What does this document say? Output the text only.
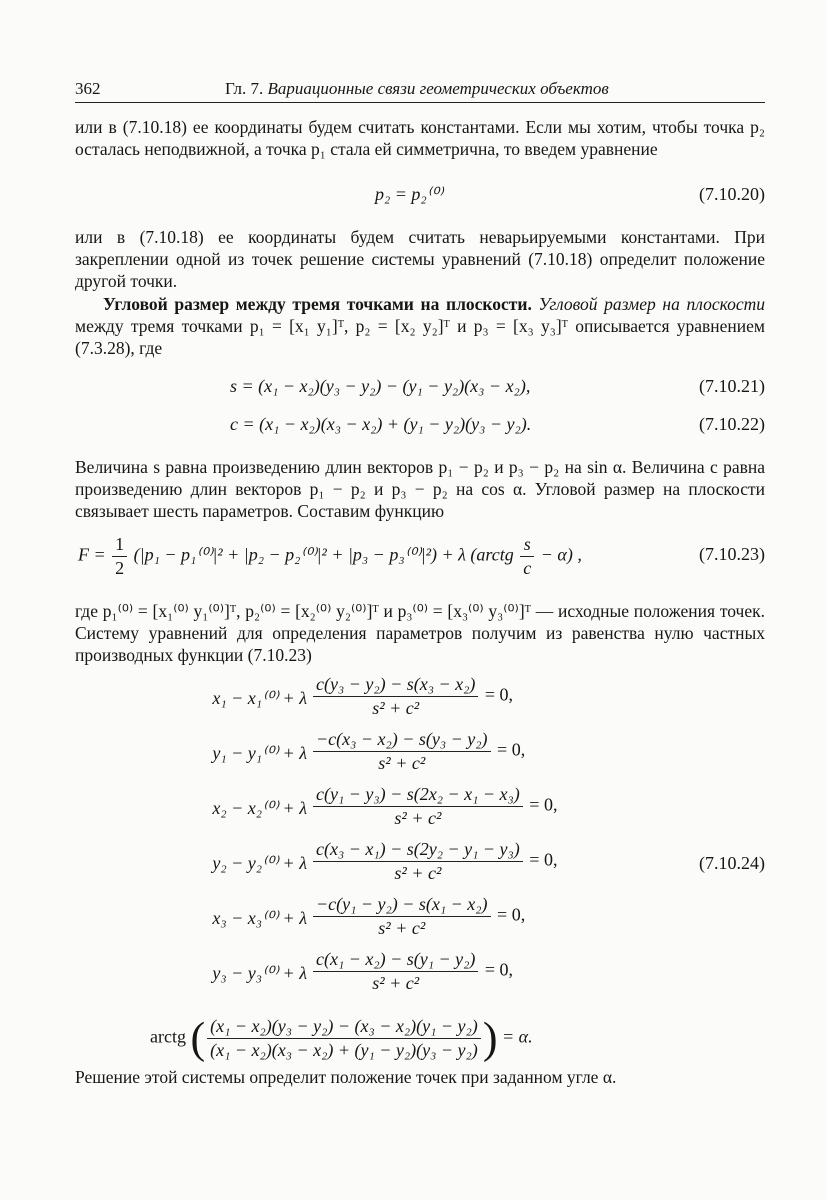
362	Гл. 7. Вариационные связи геометрических объектов
или в (7.10.18) ее координаты будем считать константами. Если мы хотим, чтобы точка p₂ осталась неподвижной, а точка p₁ стала ей симметрична, то введем уравнение
p₂ = p₂⁽⁰⁾	(7.10.20)
или в (7.10.18) ее координаты будем считать неварьируемыми константами. При закреплении одной из точек решение системы уравнений (7.10.18) определит положение другой точки.
Угловой размер между тремя точками на плоскости. Угловой размер на плоскости между тремя точками p₁ = [x₁ y₁]ᵀ, p₂ = [x₂ y₂]ᵀ и p₃ = [x₃ y₃]ᵀ описывается уравнением (7.3.28), где
s = (x₁ − x₂)(y₃ − y₂) − (y₁ − y₂)(x₃ − x₂),	(7.10.21)
c = (x₁ − x₂)(x₃ − x₂) + (y₁ − y₂)(y₃ − y₂).	(7.10.22)
Величина s равна произведению длин векторов p₁ − p₂ и p₃ − p₂ на sin α. Величина c равна произведению длин векторов p₁ − p₂ и p₃ − p₂ на cos α. Угловой размер на плоскости связывает шесть параметров. Составим функцию
$F = \frac{1}{2} (|p_1 - p_1^{(0)}|^2 + |p_2 - p_2^{(0)}|^2 + |p_3 - p_3^{(0)}|^2) + \lambda$ (arctg $\frac{s}{c} - \alpha$) ,	(7.10.23)
где p₁⁽⁰⁾ = [x₁⁽⁰⁾ y₁⁽⁰⁾]ᵀ, p₂⁽⁰⁾ = [x₂⁽⁰⁾ y₂⁽⁰⁾]ᵀ и p₃⁽⁰⁾ = [x₃⁽⁰⁾ y₃⁽⁰⁾]ᵀ — исходные положения точек. Систему уравнений для определения параметров получим из равенства нулю частных производных функции (7.10.23)
x₁ − x₁⁽⁰⁾ + λ $\frac{\text{c(y₃ − y₂) − s(x₃ − x₂)}}{\text{s² + c²}} = 0$,
y₁ − y₁⁽⁰⁾ + λ $\frac{\text{−c(x₃ − x₂) − s(y₃ − y₂)}}{\text{s² + c²}} = 0$,
x₂ − x₂⁽⁰⁾ + λ $\frac{\text{c(y₁ − y₃) − s(2x₂ − x₁ − x₃)}}{\text{s² + c²}} = 0$,
y₂ − y₂⁽⁰⁾ + λ $\frac{\text{c(x₃ − x₁) − s(2y₂ − y₁ − y₃)}}{\text{s² + c²}} = 0$,	(7.10.24)
x₃ − x₃⁽⁰⁾ + λ $\frac{\text{−c(y₁ − y₂) − s(x₁ − x₂)}}{\text{s² + c²}} = 0$,
y₃ − y₃⁽⁰⁾ + λ $\frac{\text{c(x₁ − x₂) − s(y₁ − y₂)}}{\text{s² + c²}} = 0$,
arctg ( $\frac{\text{(x₁ − x₂)(y₃ − y₂) − (x₃ − x₂)(y₁ − y₂)}}{\text{(x₁ − x₂)(x₃ − x₂) + (y₁ − y₂)(y₃ − y₂)}}$ ) = α.
Решение этой системы определит положение точек при заданном угле α.
